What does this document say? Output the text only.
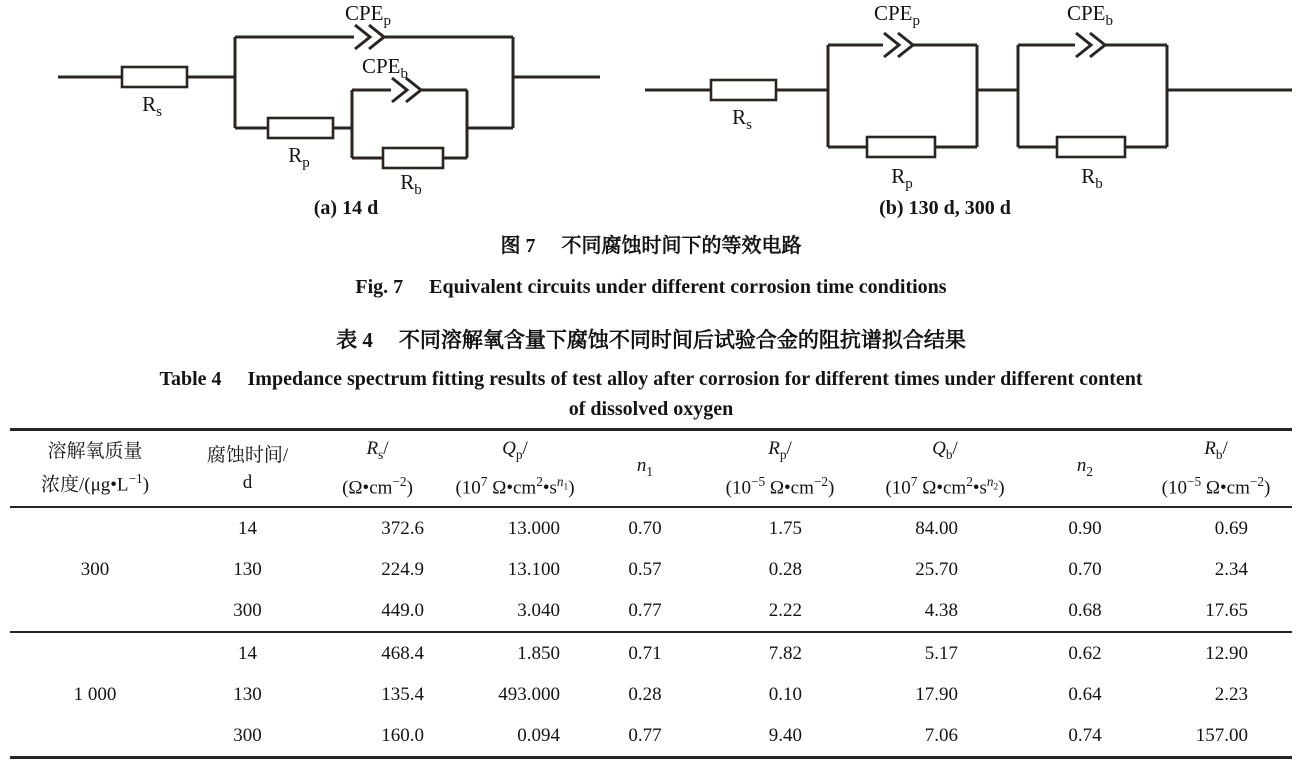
$CPE_p$
$CPE_b$
$R_s$
$R_p$
$R_b$
(a) 14 d
$CPE_p$	$CPE_b$
$R_s$
$R_p$	$R_b$
(b) 130 d, 300 d
图 7 不同腐蚀时间下的等效电路
Fig. 7 Equivalent circuits under different corrosion time conditions
表 4 不同溶解氧含量下腐蚀不同时间后试验合金的阻抗谱拟合结果
Table 4 Impedance spectrum fitting results of test alloy after corrosion for different times under different content
of dissolved oxygen
溶解氧质量
浓度$/(\mu g•L^{-1})$

腐蚀时间/
d

$R_s/$
$(\Omega•cm^{-2})$

$Q_p/$
($10^7$ $\Omega•cm^2•s^{n_1}$)

$n_1$

$R_p/$
($10^{-5}$ $\Omega•cm^{-2}$)

$Q_b/$
($10^7$ $\Omega•cm^2•s^{n_2}$)

$n_2$

$R_b/$
($10^{-5}$ $\Omega•cm^{-2}$)

300	14	372.6	13.000	0.70	1.75	84.00	0.90	0.69
	130	224.9	13.100	0.57	0.28	25.70	0.70	2.34
	300	449.0	3.040	0.77	2.22	4.38	0.68	17.65
1 000	14	468.4	1.850	0.71	7.82	5.17	0.62	12.90
	130	135.4	493.000	0.28	0.10	17.90	0.64	2.23
	300	160.0	0.094	0.77	9.40	7.06	0.74	157.00
